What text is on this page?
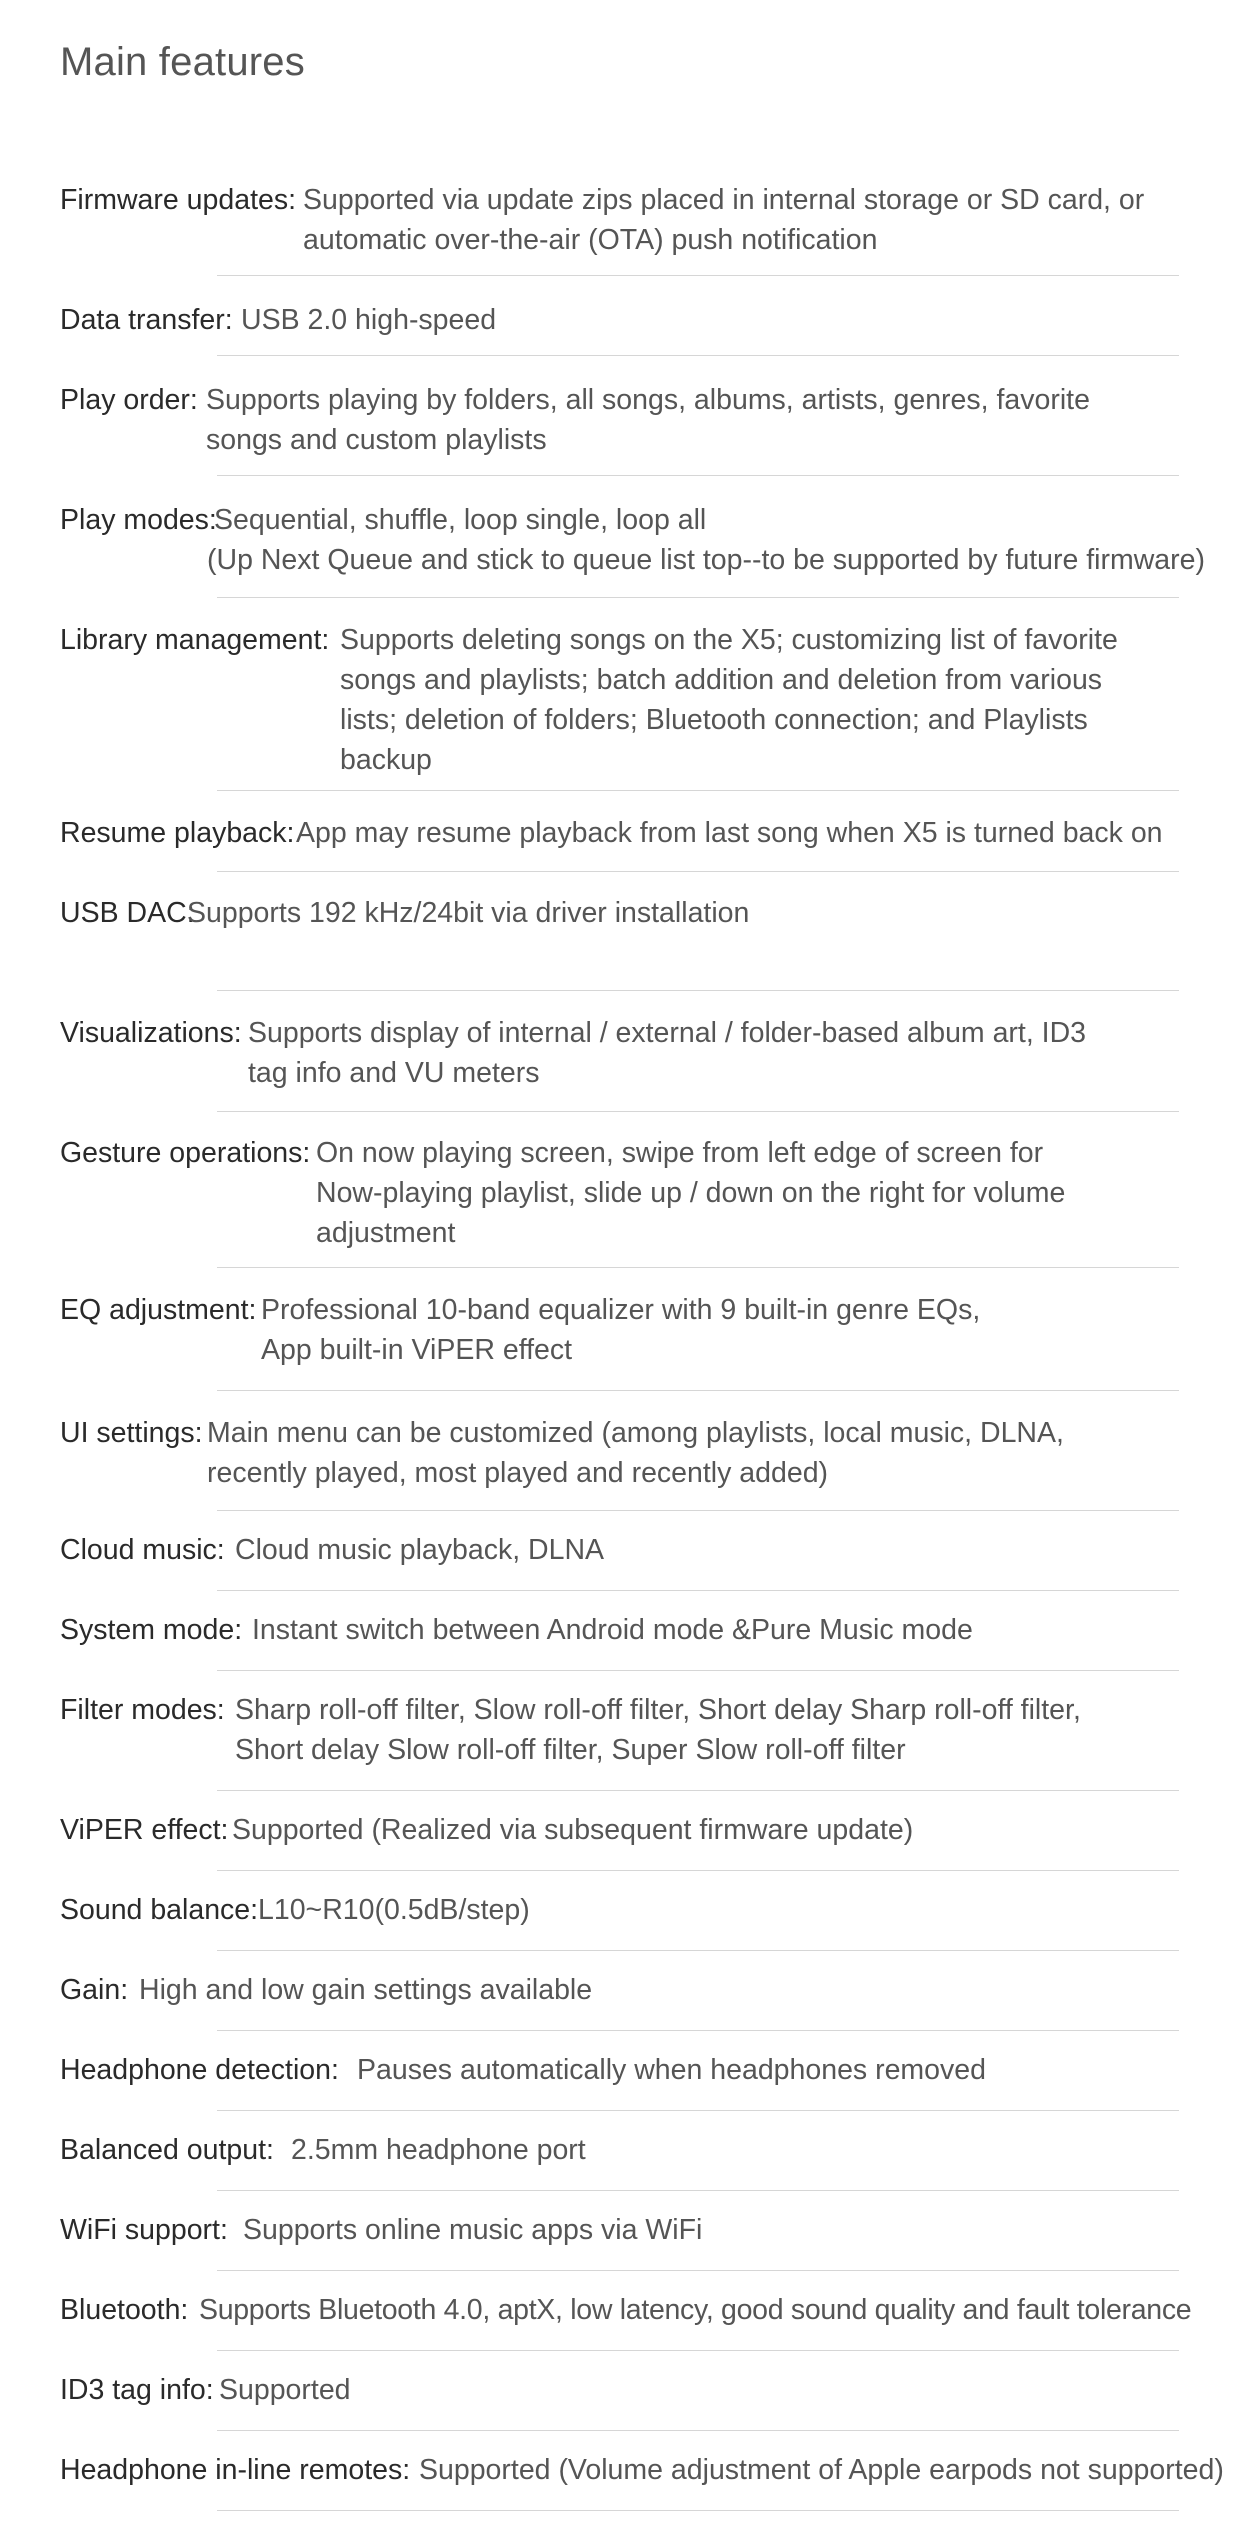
Main features
Firmware updates: Supported via update zips placed in internal storage or SD card, or
automatic over-the-air (OTA) push notification
Data transfer: USB 2.0 high-speed
Play order: Supports playing by folders, all songs, albums, artists, genres, favorite
songs and custom playlists
Play modes:
Sequential, shuffle, loop single, loop all
(Up Next Queue and stick to queue list top--to be supported by future firmware)
Library management: Supports deleting songs on the X5; customizing list of favorite
songs and playlists; batch addition and deletion from various
lists; deletion of folders; Bluetooth connection; and Playlists
backup
Resume playback: App may resume playback from last song when X5 is turned back on
USB DAC:
Supports 192 kHz/24bit via driver installation
Visualizations: Supports display of internal / external / folder-based album art, ID3
tag info and VU meters
Gesture operations: On now playing screen, swipe from left edge of screen for
Now-playing playlist, slide up / down on the right for volume
adjustment
EQ adjustment: Professional 10-band equalizer with 9 built-in genre EQs,
App built-in ViPER effect
UI settings: Main menu can be customized (among playlists, local music, DLNA,
recently played, most played and recently added)
Cloud music: Cloud music playback, DLNA
System mode: Instant switch between Android mode &Pure Music mode
Filter modes: Sharp roll-off filter, Slow roll-off filter, Short delay Sharp roll-off filter,
Short delay Slow roll-off filter, Super Slow roll-off filter
ViPER effect: Supported (Realized via subsequent firmware update)
Sound balance: L10~R10(0.5dB/step)
Gain: High and low gain settings available
Headphone detection: Pauses automatically when headphones removed
Balanced output: 2.5mm headphone port
WiFi support: Supports online music apps via WiFi
Bluetooth: Supports Bluetooth 4.0, aptX, low latency, good sound quality and fault tolerance
ID3 tag info: Supported
Headphone in-line remotes: Supported (Volume adjustment of Apple earpods not supported)
